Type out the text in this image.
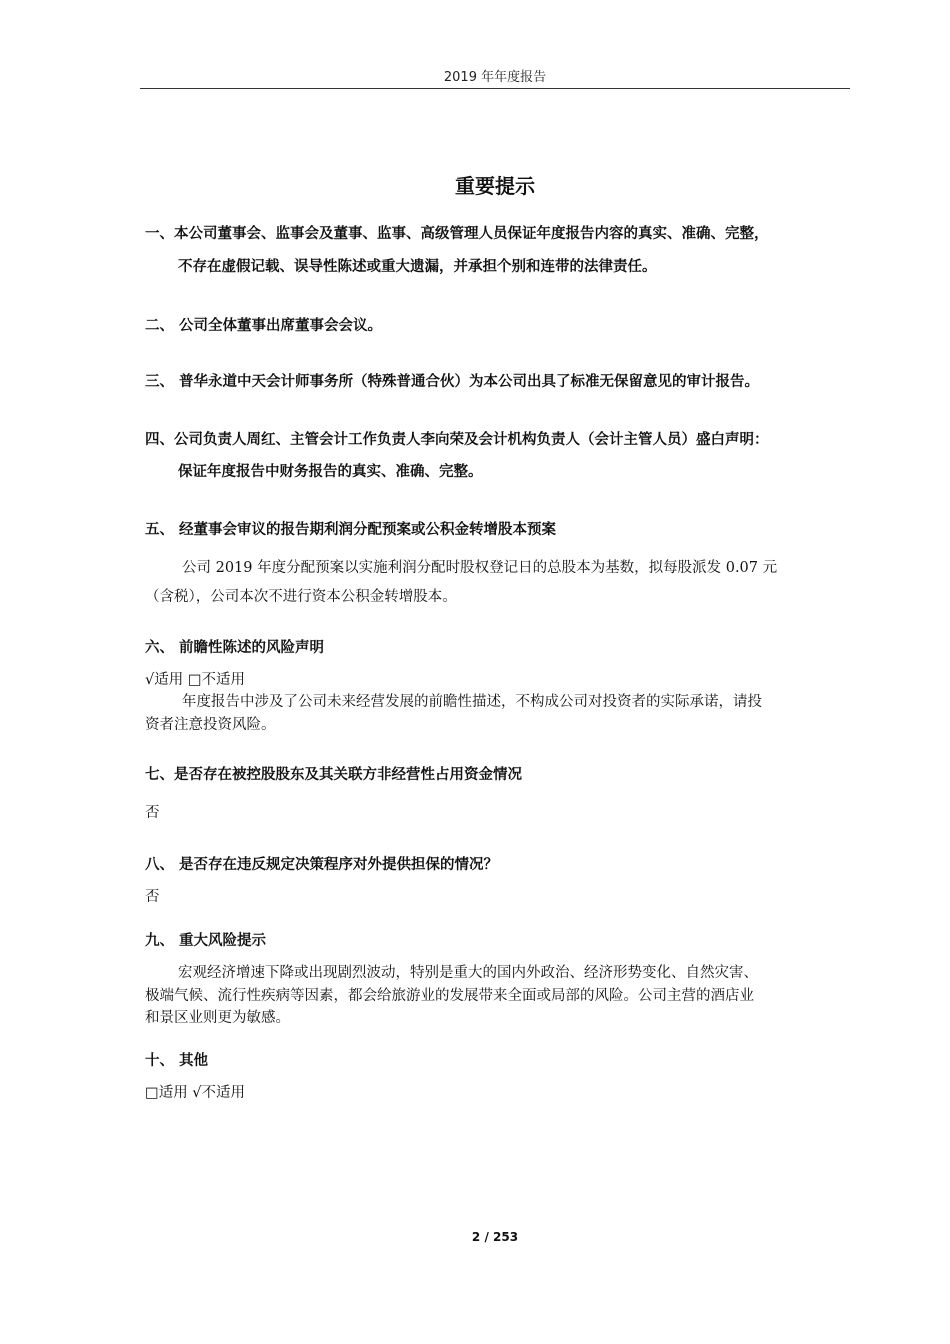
2019 年年度报告
重要提示
一、本公司董事会、监事会及董事、监事、高级管理人员保证年度报告内容的真实、准确、完整，
不存在虚假记载、误导性陈述或重大遗漏，并承担个别和连带的法律责任。
二、 公司全体董事出席董事会会议。
三、 普华永道中天会计师事务所（特殊普通合伙）为本公司出具了标准无保留意见的审计报告。
四、公司负责人周红、主管会计工作负责人李向荣及会计机构负责人（会计主管人员）盛白声明：
保证年度报告中财务报告的真实、准确、完整。
五、 经董事会审议的报告期利润分配预案或公积金转增股本预案
公司 2019 年度分配预案以实施利润分配时股权登记日的总股本为基数，拟每股派发 0.07 元
（含税），公司本次不进行资本公积金转增股本。
六、 前瞻性陈述的风险声明
√适用 □不适用
年度报告中涉及了公司未来经营发展的前瞻性描述，不构成公司对投资者的实际承诺，请投
资者注意投资风险。
七、是否存在被控股股东及其关联方非经营性占用资金情况
否
八、 是否存在违反规定决策程序对外提供担保的情况？
否
九、 重大风险提示
宏观经济增速下降或出现剧烈波动，特别是重大的国内外政治、经济形势变化、自然灾害、
极端气候、流行性疾病等因素，都会给旅游业的发展带来全面或局部的风险。公司主营的酒店业
和景区业则更为敏感。
十、 其他
□适用 √不适用
2 / 253
